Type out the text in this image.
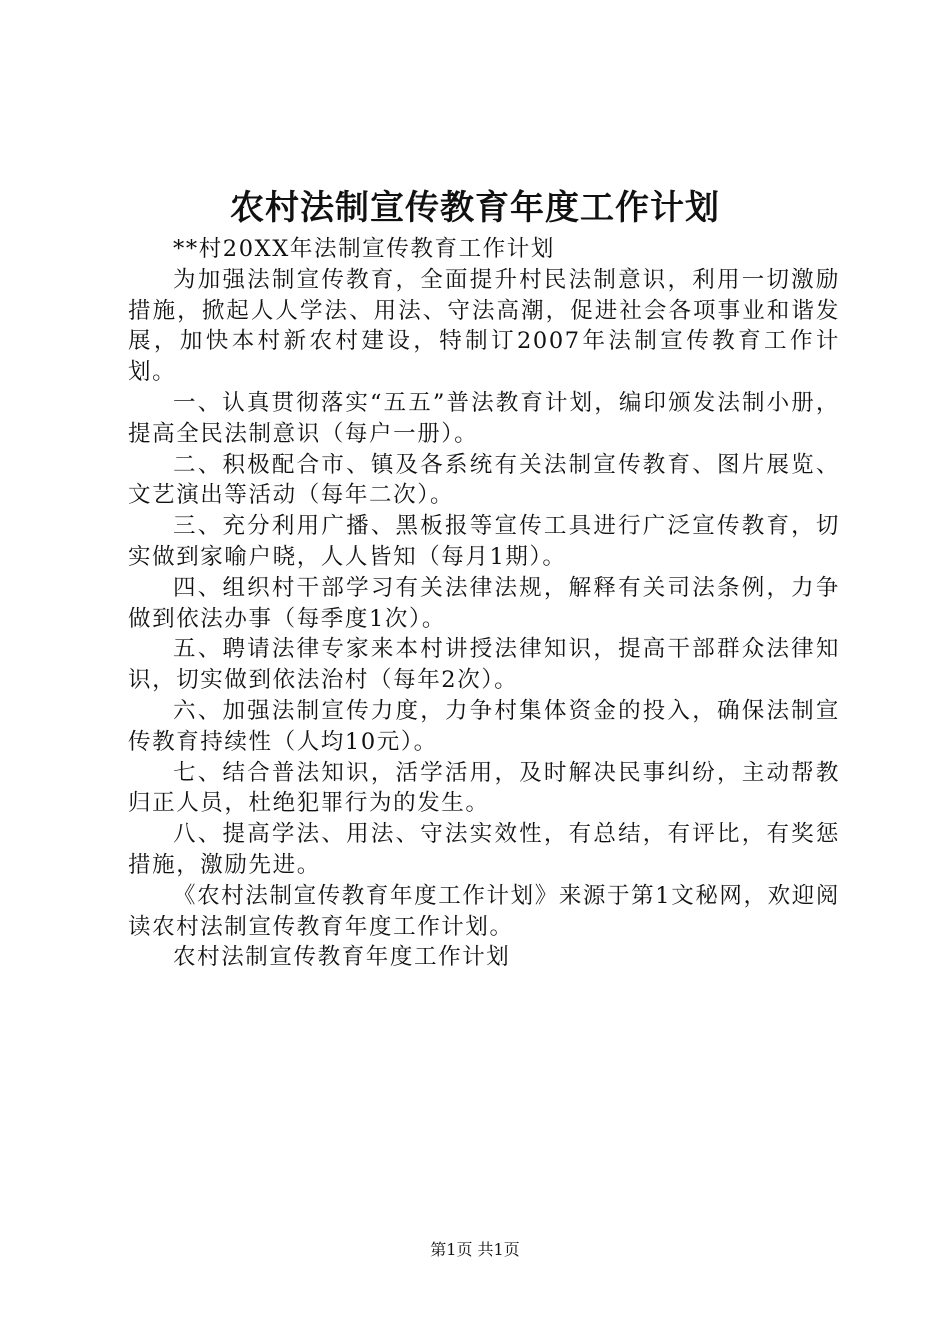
农村法制宣传教育年度工作计划

**村20XX年法制宣传教育工作计划

为加强法制宣传教育，全面提升村民法制意识，利用一切激励措施，掀起人人学法、用法、守法高潮，促进社会各项事业和谐发展，加快本村新农村建设，特制订2007年法制宣传教育工作计划。

一、认真贯彻落实“五五”普法教育计划，编印颁发法制小册，提高全民法制意识（每户一册）。

二、积极配合市、镇及各系统有关法制宣传教育、图片展览、文艺演出等活动（每年二次）。

三、充分利用广播、黑板报等宣传工具进行广泛宣传教育，切实做到家喻户晓，人人皆知（每月1期）。

四、组织村干部学习有关法律法规，解释有关司法条例，力争做到依法办事（每季度1次）。

五、聘请法律专家来本村讲授法律知识，提高干部群众法律知识，切实做到依法治村（每年2次）。

六、加强法制宣传力度，力争村集体资金的投入，确保法制宣传教育持续性（人均10元）。

七、结合普法知识，活学活用，及时解决民事纠纷，主动帮教归正人员，杜绝犯罪行为的发生。

八、提高学法、用法、守法实效性，有总结，有评比，有奖惩措施，激励先进。

《农村法制宣传教育年度工作计划》来源于第1文秘网，欢迎阅读农村法制宣传教育年度工作计划。

农村法制宣传教育年度工作计划

第1页 共1页
